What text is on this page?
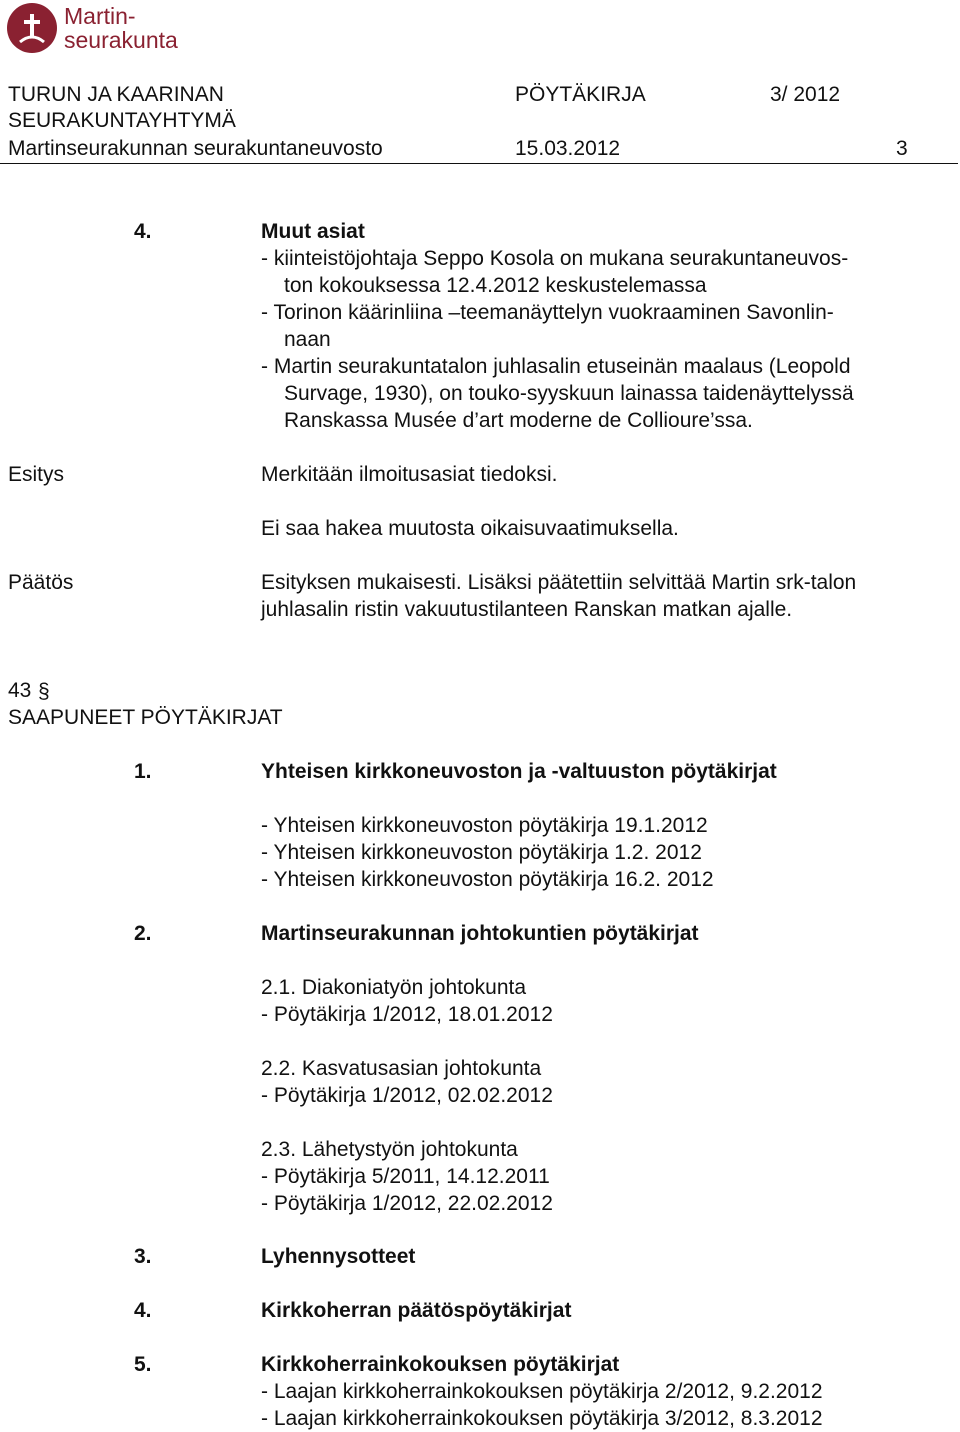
Martin-
seurakunta
TURUN JA KAARINAN
SEURAKUNTAYHTYMÄ
PÖYTÄKIRJA	3/ 2012
Martinseurakunnan seurakuntaneuvosto	15.03.2012	3
4.	Muut asiat
- kiinteistöjohtaja Seppo Kosola on mukana seurakuntaneuvos-
ton kokouksessa 12.4.2012 keskustelemassa
- Torinon käärinliina –teemanäyttelyn vuokraaminen Savonlin-
naan
- Martin seurakuntatalon juhlasalin etuseinän maalaus (Leopold
Survage, 1930), on touko-syyskuun lainassa taidenäyttelyssä
Ranskassa Musée d’art moderne de Collioure’ssa.
Esitys	Merkitään ilmoitusasiat tiedoksi.
Ei saa hakea muutosta oikaisuvaatimuksella.
Päätös	Esityksen mukaisesti. Lisäksi päätettiin selvittää Martin srk-talon
juhlasalin ristin vakuutustilanteen Ranskan matkan ajalle.
43 §
SAAPUNEET PÖYTÄKIRJAT
1.	Yhteisen kirkkoneuvoston ja -valtuuston pöytäkirjat
- Yhteisen kirkkoneuvoston pöytäkirja 19.1.2012
- Yhteisen kirkkoneuvoston pöytäkirja 1.2. 2012
- Yhteisen kirkkoneuvoston pöytäkirja 16.2. 2012
2.	Martinseurakunnan johtokuntien pöytäkirjat
2.1. Diakoniatyön johtokunta
- Pöytäkirja 1/2012, 18.01.2012
2.2. Kasvatusasian johtokunta
- Pöytäkirja 1/2012, 02.02.2012
2.3. Lähetystyön johtokunta
- Pöytäkirja 5/2011, 14.12.2011
- Pöytäkirja 1/2012, 22.02.2012
3.	Lyhennysotteet
4.	Kirkkoherran päätöspöytäkirjat
5.	Kirkkoherrainkokouksen pöytäkirjat
- Laajan kirkkoherrainkokouksen pöytäkirja 2/2012, 9.2.2012
- Laajan kirkkoherrainkokouksen pöytäkirja 3/2012, 8.3.2012
